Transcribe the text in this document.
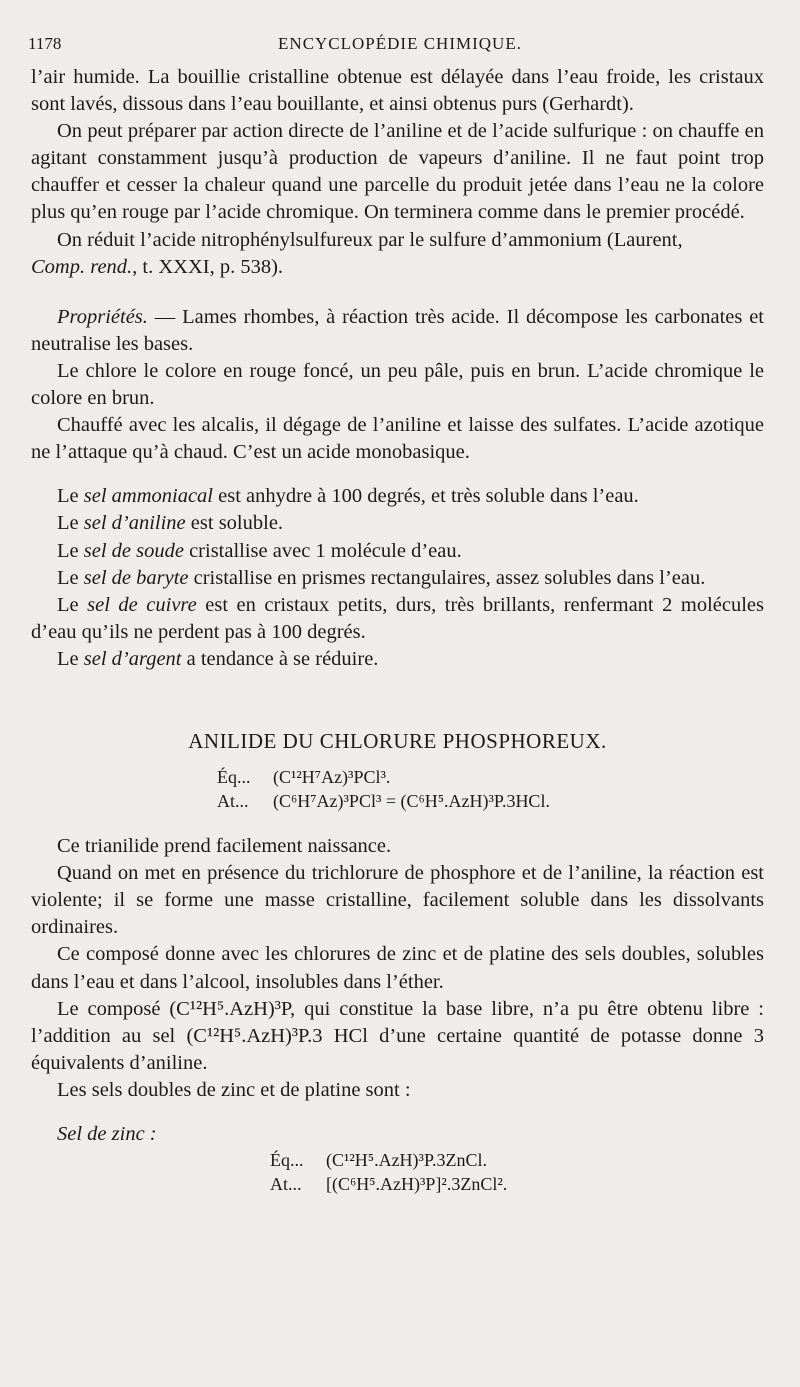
1178	ENCYCLOPÉDIE CHIMIQUE.

l’air humide. La bouillie cristalline obtenue est délayée dans l’eau froide, les cristaux sont lavés, dissous dans l’eau bouillante, et ainsi obtenus purs (Gerhardt).

On peut préparer par action directe de l’aniline et de l’acide sulfurique : on chauffe en agitant constamment jusqu’à production de vapeurs d’aniline. Il ne faut point trop chauffer et cesser la chaleur quand une parcelle du produit jetée dans l’eau ne la colore plus qu’en rouge par l’acide chromique. On terminera comme dans le premier procédé.

On réduit l’acide nitrophénylsulfureux par le sulfure d’ammonium (Laurent,
Comp. rend., t. XXXI, p. 538).

Propriétés. — Lames rhombes, à réaction très acide. Il décompose les carbonates et neutralise les bases.

Le chlore le colore en rouge foncé, un peu pâle, puis en brun. L’acide chromique le colore en brun.

Chauffé avec les alcalis, il dégage de l’aniline et laisse des sulfates. L’acide azotique ne l’attaque qu’à chaud. C’est un acide monobasique.

Le sel ammoniacal est anhydre à 100 degrés, et très soluble dans l’eau.

Le sel d’aniline est soluble.

Le sel de soude cristallise avec 1 molécule d’eau.

Le sel de baryte cristallise en prismes rectangulaires, assez solubles dans l’eau.

Le sel de cuivre est en cristaux petits, durs, très brillants, renfermant 2 molécules d’eau qu’ils ne perdent pas à 100 degrés.

Le sel d’argent a tendance à se réduire.

ANILIDE DU CHLORURE PHOSPHOREUX.

Éq... (C¹²H⁷Az)³PCl³.

At... (C⁶H⁷Az)³PCl³ = (C⁶H⁵.AzH)³P.3HCl.

Ce trianilide prend facilement naissance.

Quand on met en présence du trichlorure de phosphore et de l’aniline, la réaction est violente; il se forme une masse cristalline, facilement soluble dans les dissolvants ordinaires.

Ce composé donne avec les chlorures de zinc et de platine des sels doubles, solubles dans l’eau et dans l’alcool, insolubles dans l’éther.

Le composé (C¹²H⁵.AzH)³P, qui constitue la base libre, n’a pu être obtenu libre : l’addition au sel (C¹²H⁵.AzH)³P.3 HCl d’une certaine quantité de potasse donne 3 équivalents d’aniline.

Les sels doubles de zinc et de platine sont :

Sel de zinc :

Éq... (C¹²H⁵.AzH)³P.3ZnCl.

At... [(C⁶H⁵.AzH)³P]².3ZnCl².
